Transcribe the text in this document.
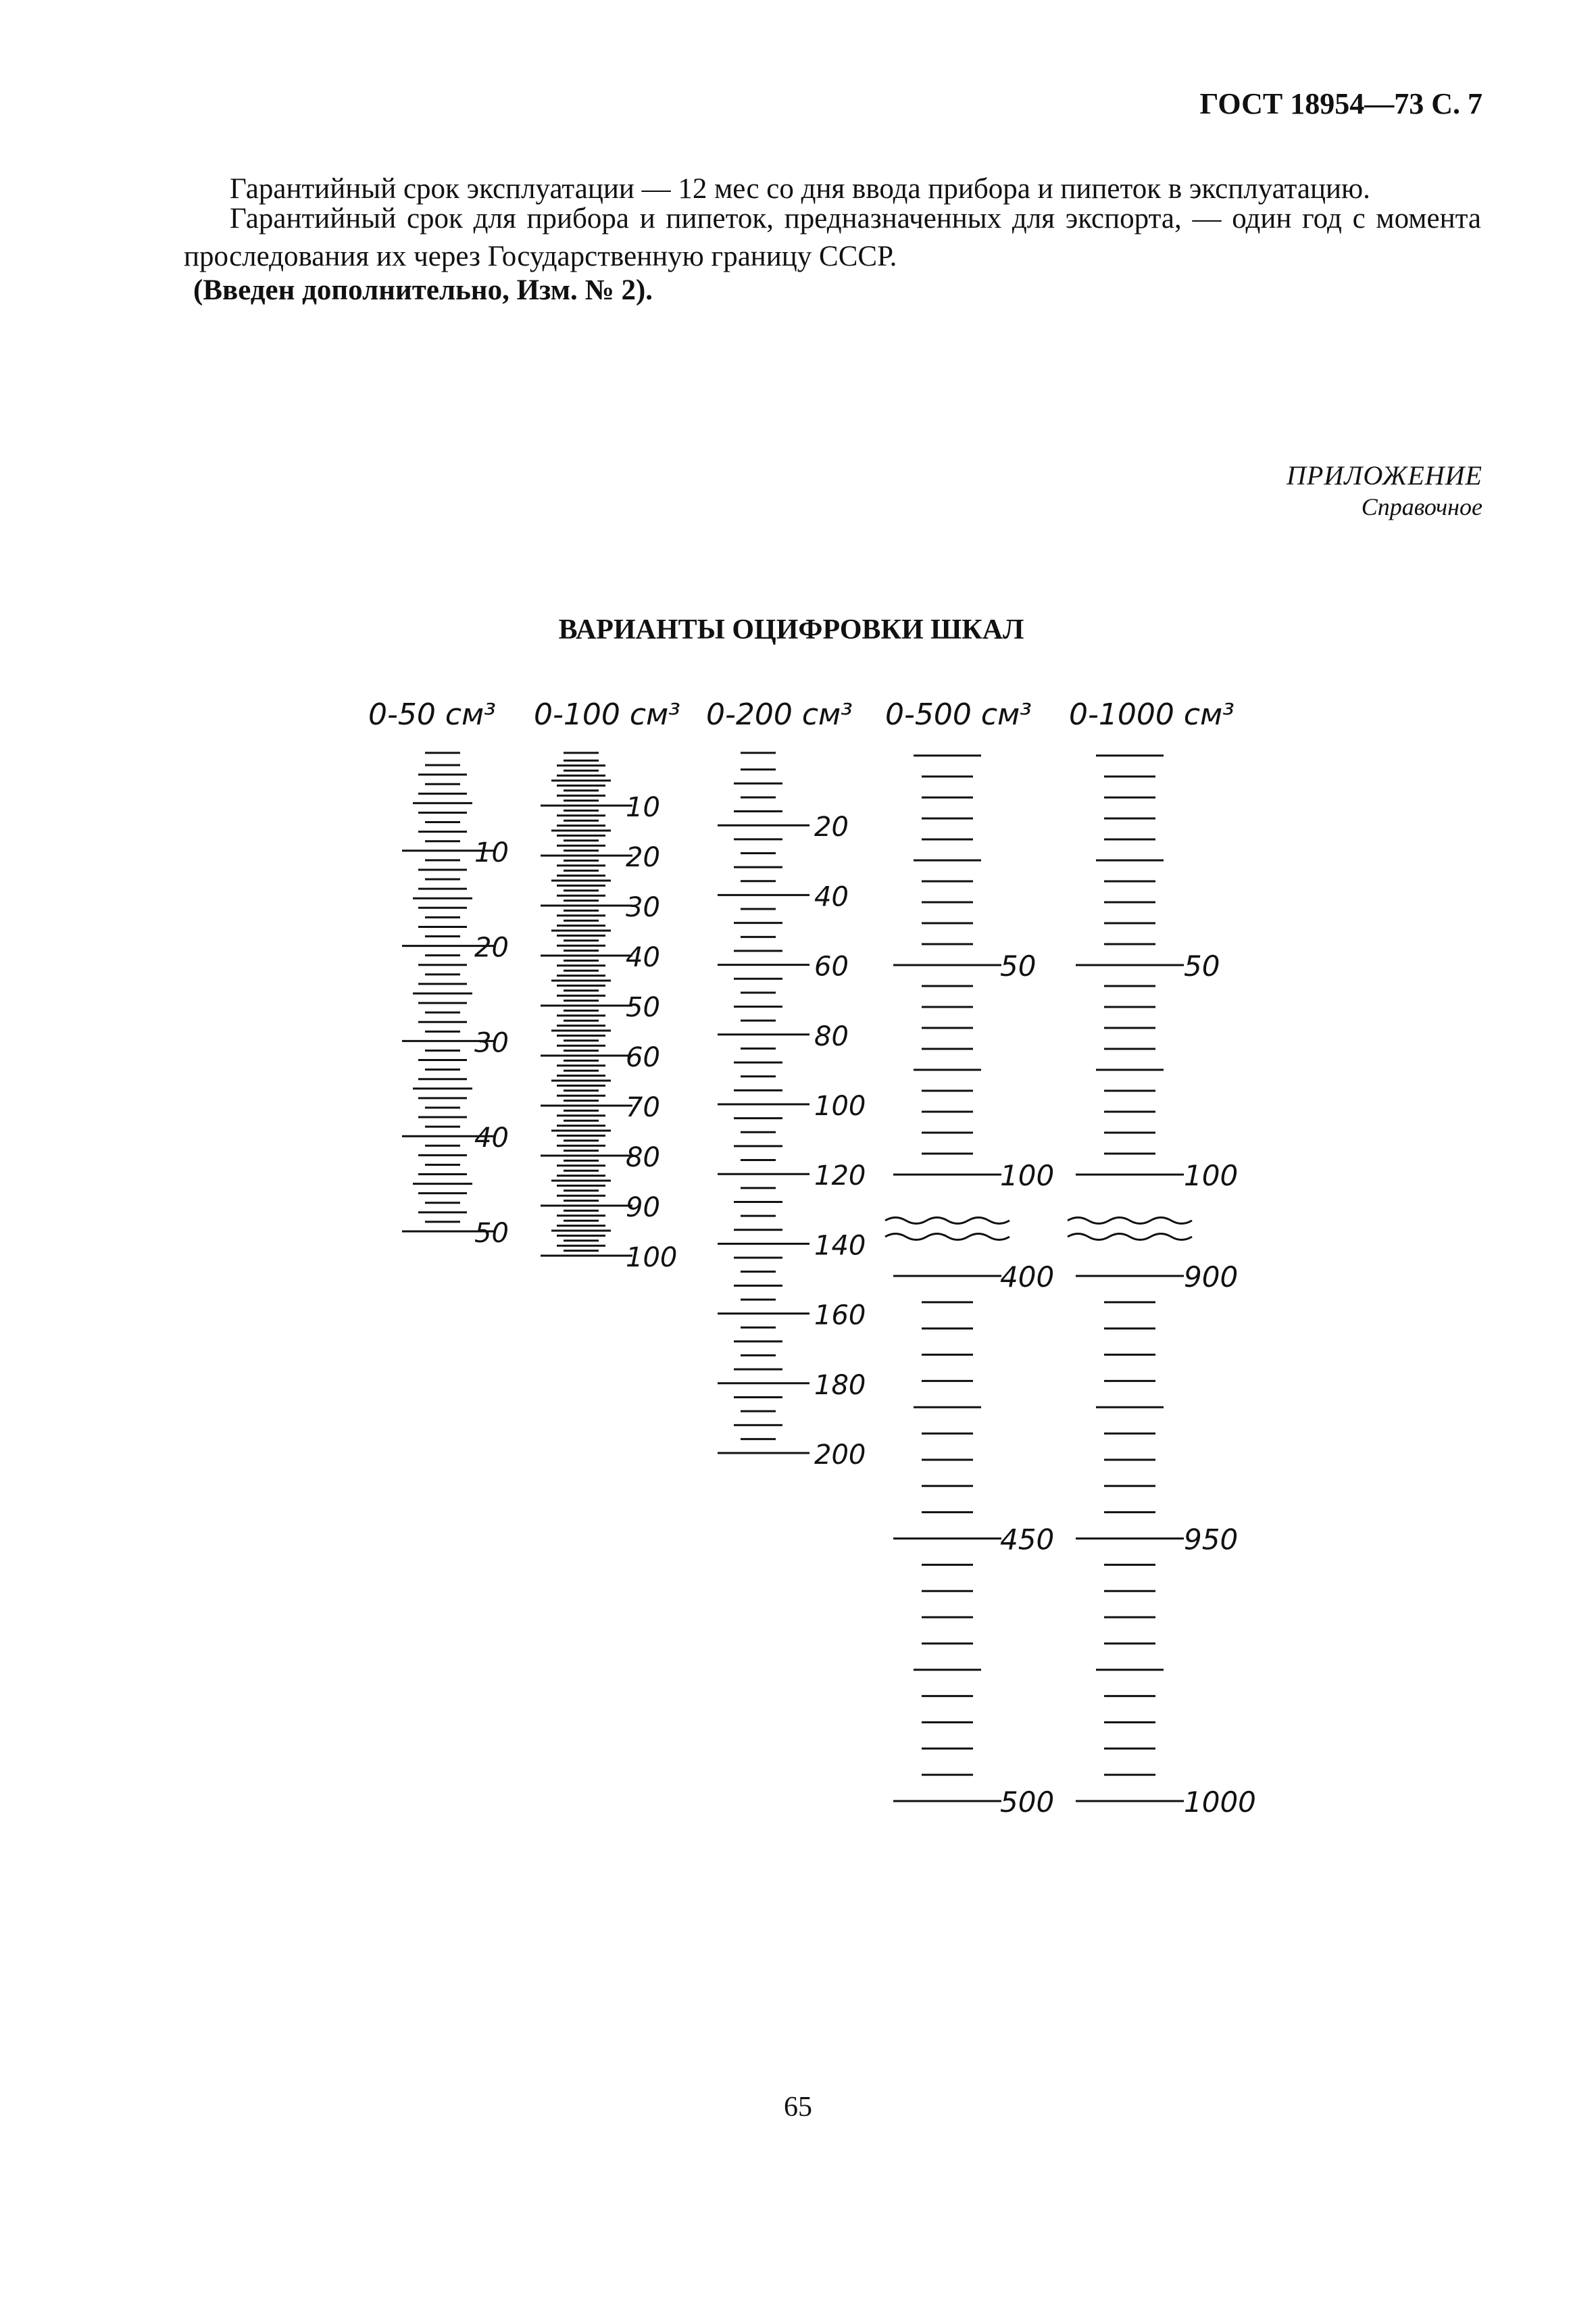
ГОСТ 18954—73 С. 7
Гарантийный срок эксплуатации — 12 мес со дня ввода прибора и пипеток в эксплуатацию.
Гарантийный срок для прибора и пипеток, предназначенных для экспорта, — один год с момента проследования их через Государственную границу СССР.
(Введен дополнительно, Изм. № 2).
ПРИЛОЖЕНИЕ
Справочное
ВАРИАНТЫ ОЦИФРОВКИ ШКАЛ
0-50 см³
10
20
30
40
50
0-100 см³
10
20
30
40
50
60
70
80
90
100
0-200 см³
20
40
60
80
100
120
140
160
180
200
0-500 см³
50
100
400
450
500
0-1000 см³
50
100
900
950
1000
65
